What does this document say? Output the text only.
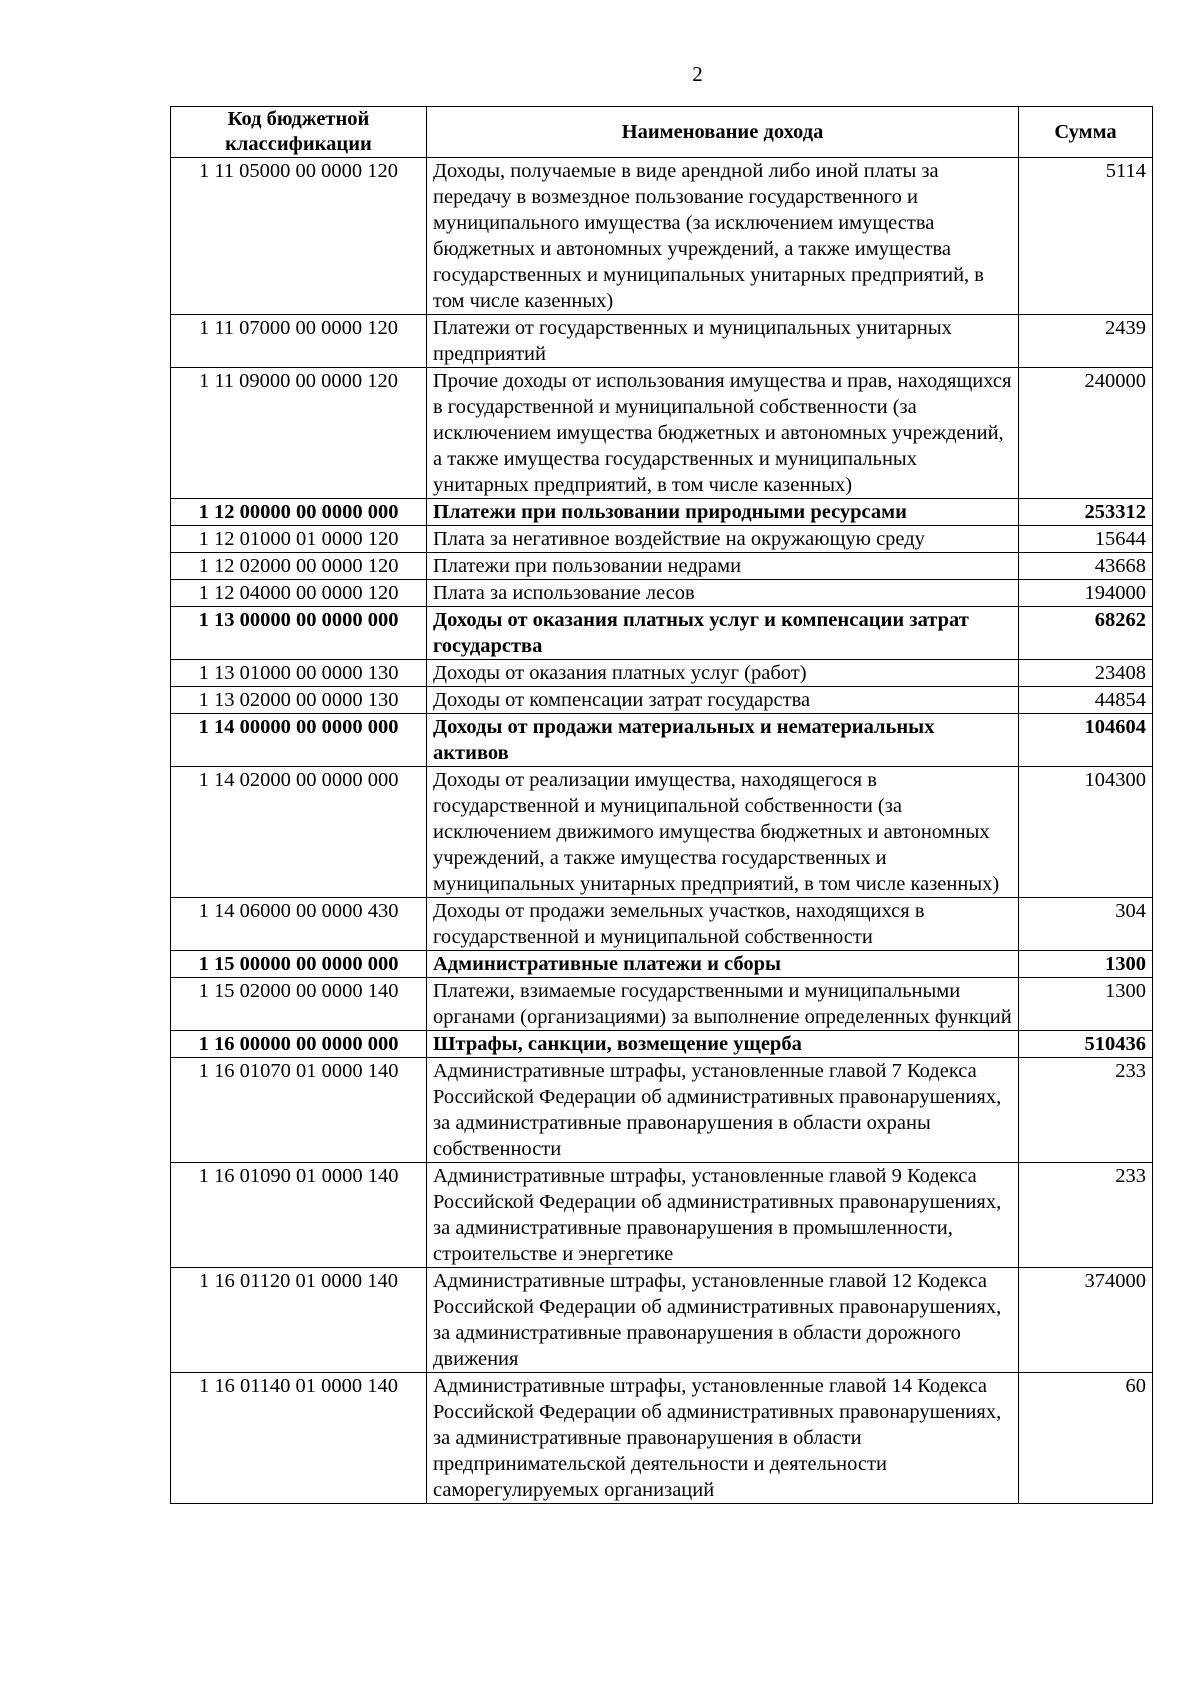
2
Код бюджетной классификации	Наименование дохода	Сумма
1 11 05000 00 0000 120	Доходы, получаемые в виде арендной либо иной платы за передачу в возмездное пользование государственного и муниципального имущества (за исключением имущества бюджетных и автономных учреждений, а также имущества государственных и муниципальных унитарных предприятий, в том числе казенных)	5114
1 11 07000 00 0000 120	Платежи от государственных и муниципальных унитарных предприятий	2439
1 11 09000 00 0000 120	Прочие доходы от использования имущества и прав, находящихся в государственной и муниципальной собственности (за исключением имущества бюджетных и автономных учреждений, а также имущества государственных и муниципальных унитарных предприятий, в том числе казенных)	240000
1 12 00000 00 0000 000	Платежи при пользовании природными ресурсами	253312
1 12 01000 01 0000 120	Плата за негативное воздействие на окружающую среду	15644
1 12 02000 00 0000 120	Платежи при пользовании недрами	43668
1 12 04000 00 0000 120	Плата за использование лесов	194000
1 13 00000 00 0000 000	Доходы от оказания платных услуг и компенсации затрат государства	68262
1 13 01000 00 0000 130	Доходы от оказания платных услуг (работ)	23408
1 13 02000 00 0000 130	Доходы от компенсации затрат государства	44854
1 14 00000 00 0000 000	Доходы от продажи материальных и нематериальных активов	104604
1 14 02000 00 0000 000	Доходы от реализации имущества, находящегося в государственной и муниципальной собственности (за исключением движимого имущества бюджетных и автономных учреждений, а также имущества государственных и муниципальных унитарных предприятий, в том числе казенных)	104300
1 14 06000 00 0000 430	Доходы от продажи земельных участков, находящихся в государственной и муниципальной собственности	304
1 15 00000 00 0000 000	Административные платежи и сборы	1300
1 15 02000 00 0000 140	Платежи, взимаемые государственными и муниципальными органами (организациями) за выполнение определенных функций	1300
1 16 00000 00 0000 000	Штрафы, санкции, возмещение ущерба	510436
1 16 01070 01 0000 140	Административные штрафы, установленные главой 7 Кодекса Российской Федерации об административных правонарушениях, за административные правонарушения в области охраны собственности	233
1 16 01090 01 0000 140	Административные штрафы, установленные главой 9 Кодекса Российской Федерации об административных правонарушениях, за административные правонарушения в промышленности, строительстве и энергетике	233
1 16 01120 01 0000 140	Административные штрафы, установленные главой 12 Кодекса Российской Федерации об административных правонарушениях, за административные правонарушения в области дорожного движения	374000
1 16 01140 01 0000 140	Административные штрафы, установленные главой 14 Кодекса Российской Федерации об административных правонарушениях, за административные правонарушения в области предпринимательской деятельности и деятельности саморегулируемых организаций	60
